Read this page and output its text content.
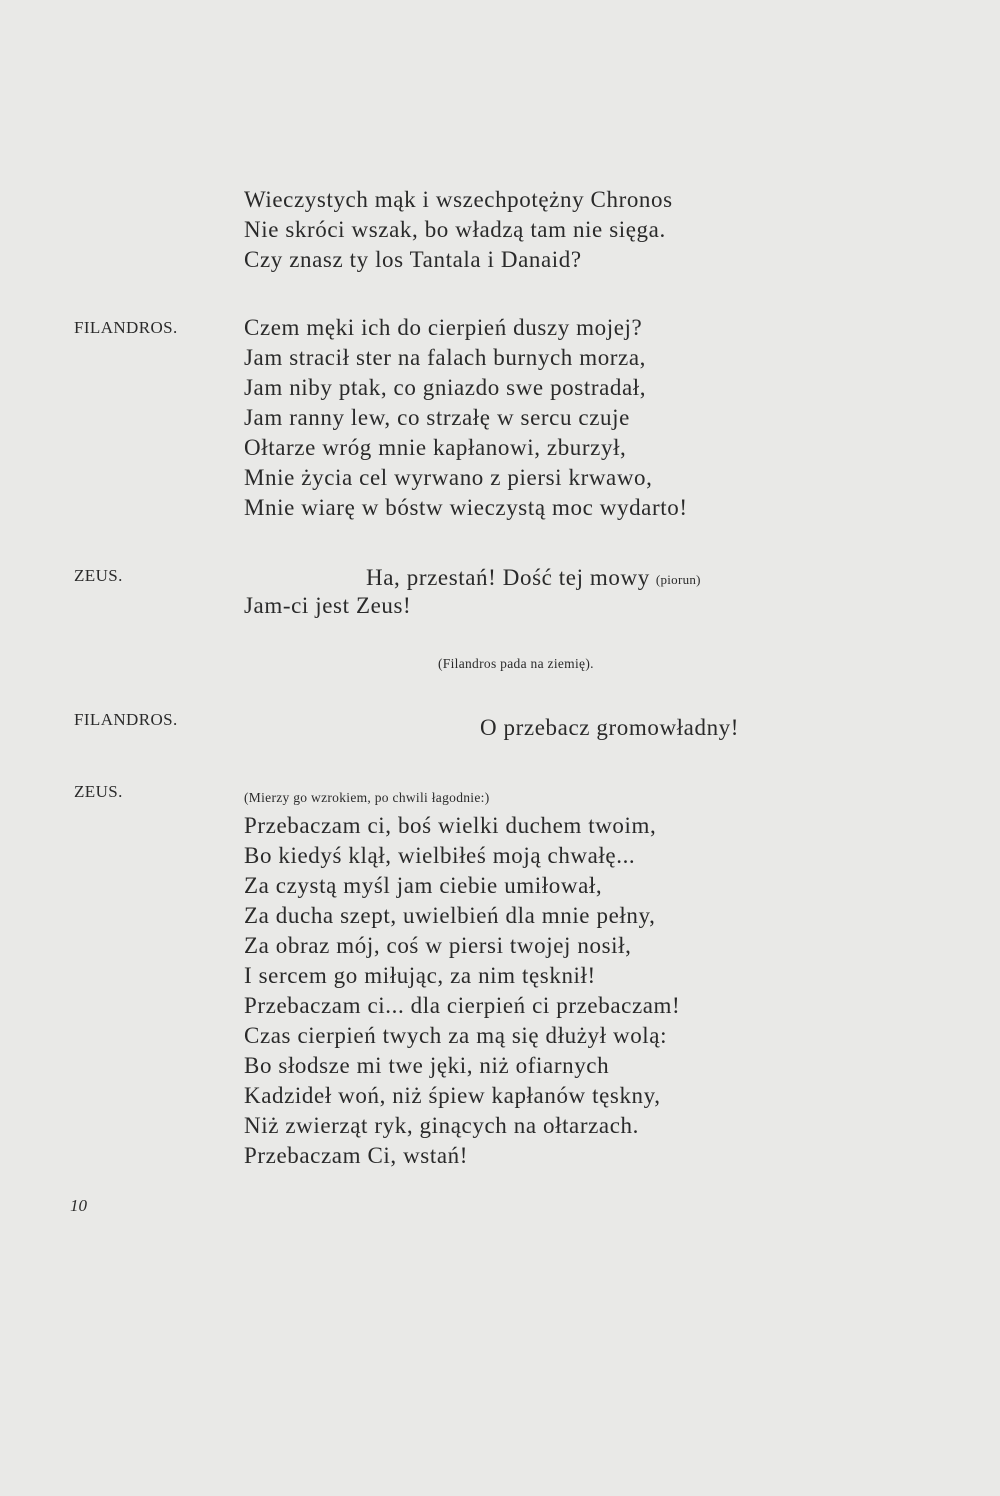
Wieczystych mąk i wszechpotężny Chronos
Nie skróci wszak, bo władzą tam nie sięga.
Czy znasz ty los Tantala i Danaid?
FILANDROS.	Czem męki ich do cierpień duszy mojej?
Jam stracił ster na falach burnych morza,
Jam niby ptak, co gniazdo swe postradał,
Jam ranny lew, co strzałę w sercu czuje
Ołtarze wróg mnie kapłanowi, zburzył,
Mnie życia cel wyrwano z piersi krwawo,
Mnie wiarę w bóstw wieczystą moc wydarto!
ZEUS.	Ha, przestań! Dość tej mowy (piorun)
Jam-ci jest Zeus!
(Filandros pada na ziemię).
FILANDROS.	O przebacz gromowładny!
ZEUS.	(Mierzy go wzrokiem, po chwili łagodnie:)
Przebaczam ci, boś wielki duchem twoim,
Bo kiedyś klął, wielbiłeś moją chwałę...
Za czystą myśl jam ciebie umiłował,
Za ducha szept, uwielbień dla mnie pełny,
Za obraz mój, coś w piersi twojej nosił,
I sercem go miłując, za nim tęsknił!
Przebaczam ci... dla cierpień ci przebaczam!
Czas cierpień twych za mą się dłużył wolą:
Bo słodsze mi twe jęki, niż ofiarnych
Kadzideł woń, niż śpiew kapłanów tęskny,
Niż zwierząt ryk, ginących na ołtarzach.
Przebaczam Ci, wstań!
10
